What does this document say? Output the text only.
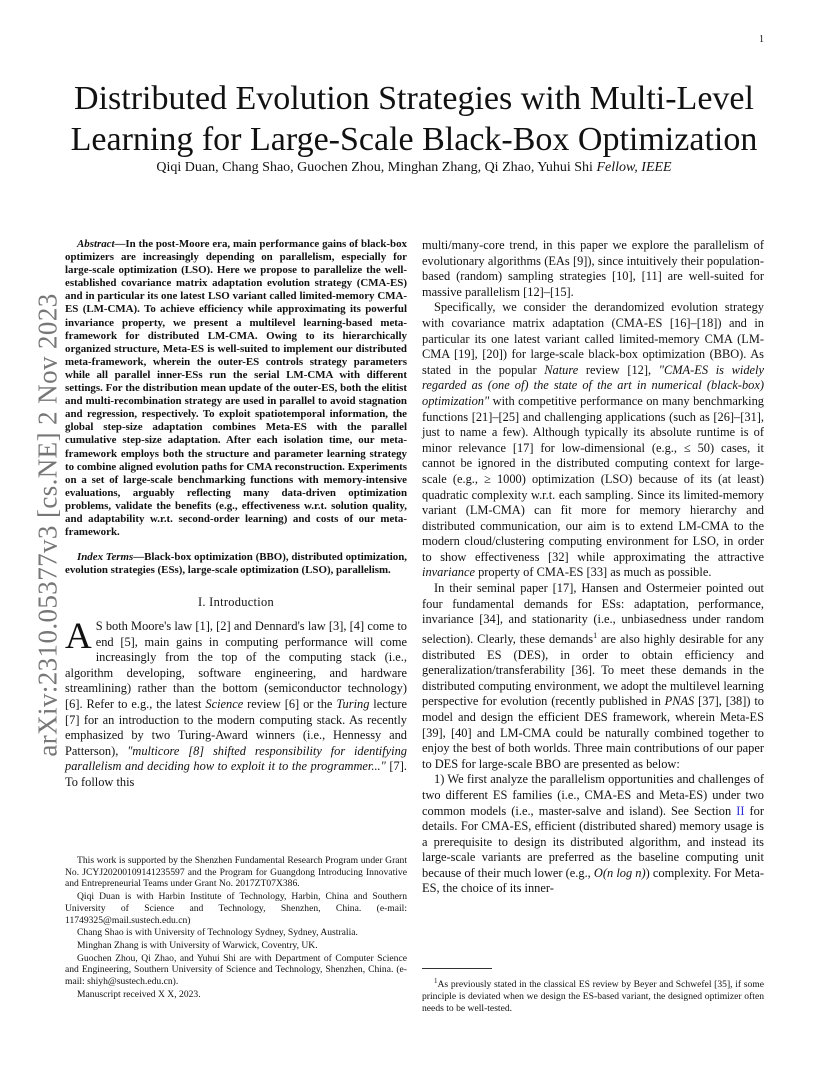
1
arXiv:2310.05377v3 [cs.NE] 2 Nov 2023
Distributed Evolution Strategies with Multi-Level
Learning for Large-Scale Black-Box Optimization
Qiqi Duan, Chang Shao, Guochen Zhou, Minghan Zhang, Qi Zhao, Yuhui Shi Fellow, IEEE

Abstract—In the post-Moore era, main performance gains of black-box optimizers are increasingly depending on parallelism, especially for large-scale optimization (LSO). Here we propose to parallelize the well-established covariance matrix adaptation evolution strategy (CMA-ES) and in particular its one latest LSO variant called limited-memory CMA-ES (LM-CMA). To achieve efficiency while approximating its powerful invariance property, we present a multilevel learning-based meta-framework for distributed LM-CMA. Owing to its hierarchically organized structure, Meta-ES is well-suited to implement our distributed meta-framework, wherein the outer-ES controls strategy parameters while all parallel inner-ESs run the serial LM-CMA with different settings. For the distribution mean update of the outer-ES, both the elitist and multi-recombination strategy are used in parallel to avoid stagnation and regression, respectively. To exploit spatiotemporal information, the global step-size adaptation combines Meta-ES with the parallel cumulative step-size adaptation. After each isolation time, our meta-framework employs both the structure and parameter learning strategy to combine aligned evolution paths for CMA reconstruction. Experiments on a set of large-scale benchmarking functions with memory-intensive evaluations, arguably reflecting many data-driven optimization problems, validate the benefits (e.g., effectiveness w.r.t. solution quality, and adaptability w.r.t. second-order learning) and costs of our meta-framework.

Index Terms—Black-box optimization (BBO), distributed optimization, evolution strategies (ESs), large-scale optimization (LSO), parallelism.

I. Introduction

A S both Moore's law [1], [2] and Dennard's law [3], [4] come to end [5], main gains in computing performance will come increasingly from the top of the computing stack (i.e., algorithm developing, software engineering, and hardware streamlining) rather than the bottom (semiconductor technology) [6]. Refer to e.g., the latest Science review [6] or the Turing lecture [7] for an introduction to the modern computing stack. As recently emphasized by two Turing-Award winners (i.e., Hennessy and Patterson), "multicore [8] shifted responsibility for identifying parallelism and deciding how to exploit it to the programmer..." [7]. To follow this

This work is supported by the Shenzhen Fundamental Research Program under Grant No. JCYJ20200109141235597 and the Program for Guangdong Introducing Innovative and Entrepreneurial Teams under Grant No. 2017ZT07X386.

Qiqi Duan is with Harbin Institute of Technology, Harbin, China and Southern University of Science and Technology, Shenzhen, China. (e-mail: 11749325@mail.sustech.edu.cn)

Chang Shao is with University of Technology Sydney, Sydney, Australia.

Minghan Zhang is with University of Warwick, Coventry, UK.

Guochen Zhou, Qi Zhao, and Yuhui Shi are with Department of Computer Science and Engineering, Southern University of Science and Technology, Shenzhen, China. (e-mail: shiyh@sustech.edu.cn).

Manuscript received X X, 2023.

multi/many-core trend, in this paper we explore the parallelism of evolutionary algorithms (EAs [9]), since intuitively their population-based (random) sampling strategies [10], [11] are well-suited for massive parallelism [12]–[15].

Specifically, we consider the derandomized evolution strategy with covariance matrix adaptation (CMA-ES [16]–[18]) and in particular its one latest variant called limited-memory CMA (LM-CMA [19], [20]) for large-scale black-box optimization (BBO). As stated in the popular Nature review [12], "CMA-ES is widely regarded as (one of) the state of the art in numerical (black-box) optimization" with competitive performance on many benchmarking functions [21]–[25] and challenging applications (such as [26]–[31], just to name a few). Although typically its absolute runtime is of minor relevance [17] for low-dimensional (e.g., ≤ 50) cases, it cannot be ignored in the distributed computing context for large-scale (e.g., ≥ 1000) optimization (LSO) because of its (at least) quadratic complexity w.r.t. each sampling. Since its limited-memory variant (LM-CMA) can fit more for memory hierarchy and distributed communication, our aim is to extend LM-CMA to the modern cloud/clustering computing environment for LSO, in order to show effectiveness [32] while approximating the attractive invariance property of CMA-ES [33] as much as possible.

In their seminal paper [17], Hansen and Ostermeier pointed out four fundamental demands for ESs: adaptation, performance, invariance [34], and stationarity (i.e., unbiasedness under random selection). Clearly, these demands$^1$ are also highly desirable for any distributed ES (DES), in order to obtain efficiency and generalization/transferability [36]. To meet these demands in the distributed computing environment, we adopt the multilevel learning perspective for evolution (recently published in PNAS [37], [38]) to model and design the efficient DES framework, wherein Meta-ES [39], [40] and LM-CMA could be naturally combined together to enjoy the best of both worlds. Three main contributions of our paper to DES for large-scale BBO are presented as below:

1) We first analyze the parallelism opportunities and challenges of two different ES families (i.e., CMA-ES and Meta-ES) under two common models (i.e., master-salve and island). See Section II for details. For CMA-ES, efficient (distributed shared) memory usage is a prerequisite to design its distributed algorithm, and instead its large-scale variants are preferred as the baseline computing unit because of their much lower (e.g., O(n log n)) complexity. For Meta-ES, the choice of its inner-

$^1$As previously stated in the classical ES review by Beyer and Schwefel [35], if some principle is deviated when we design the ES-based variant, the designed optimizer often needs to be well-tested.
